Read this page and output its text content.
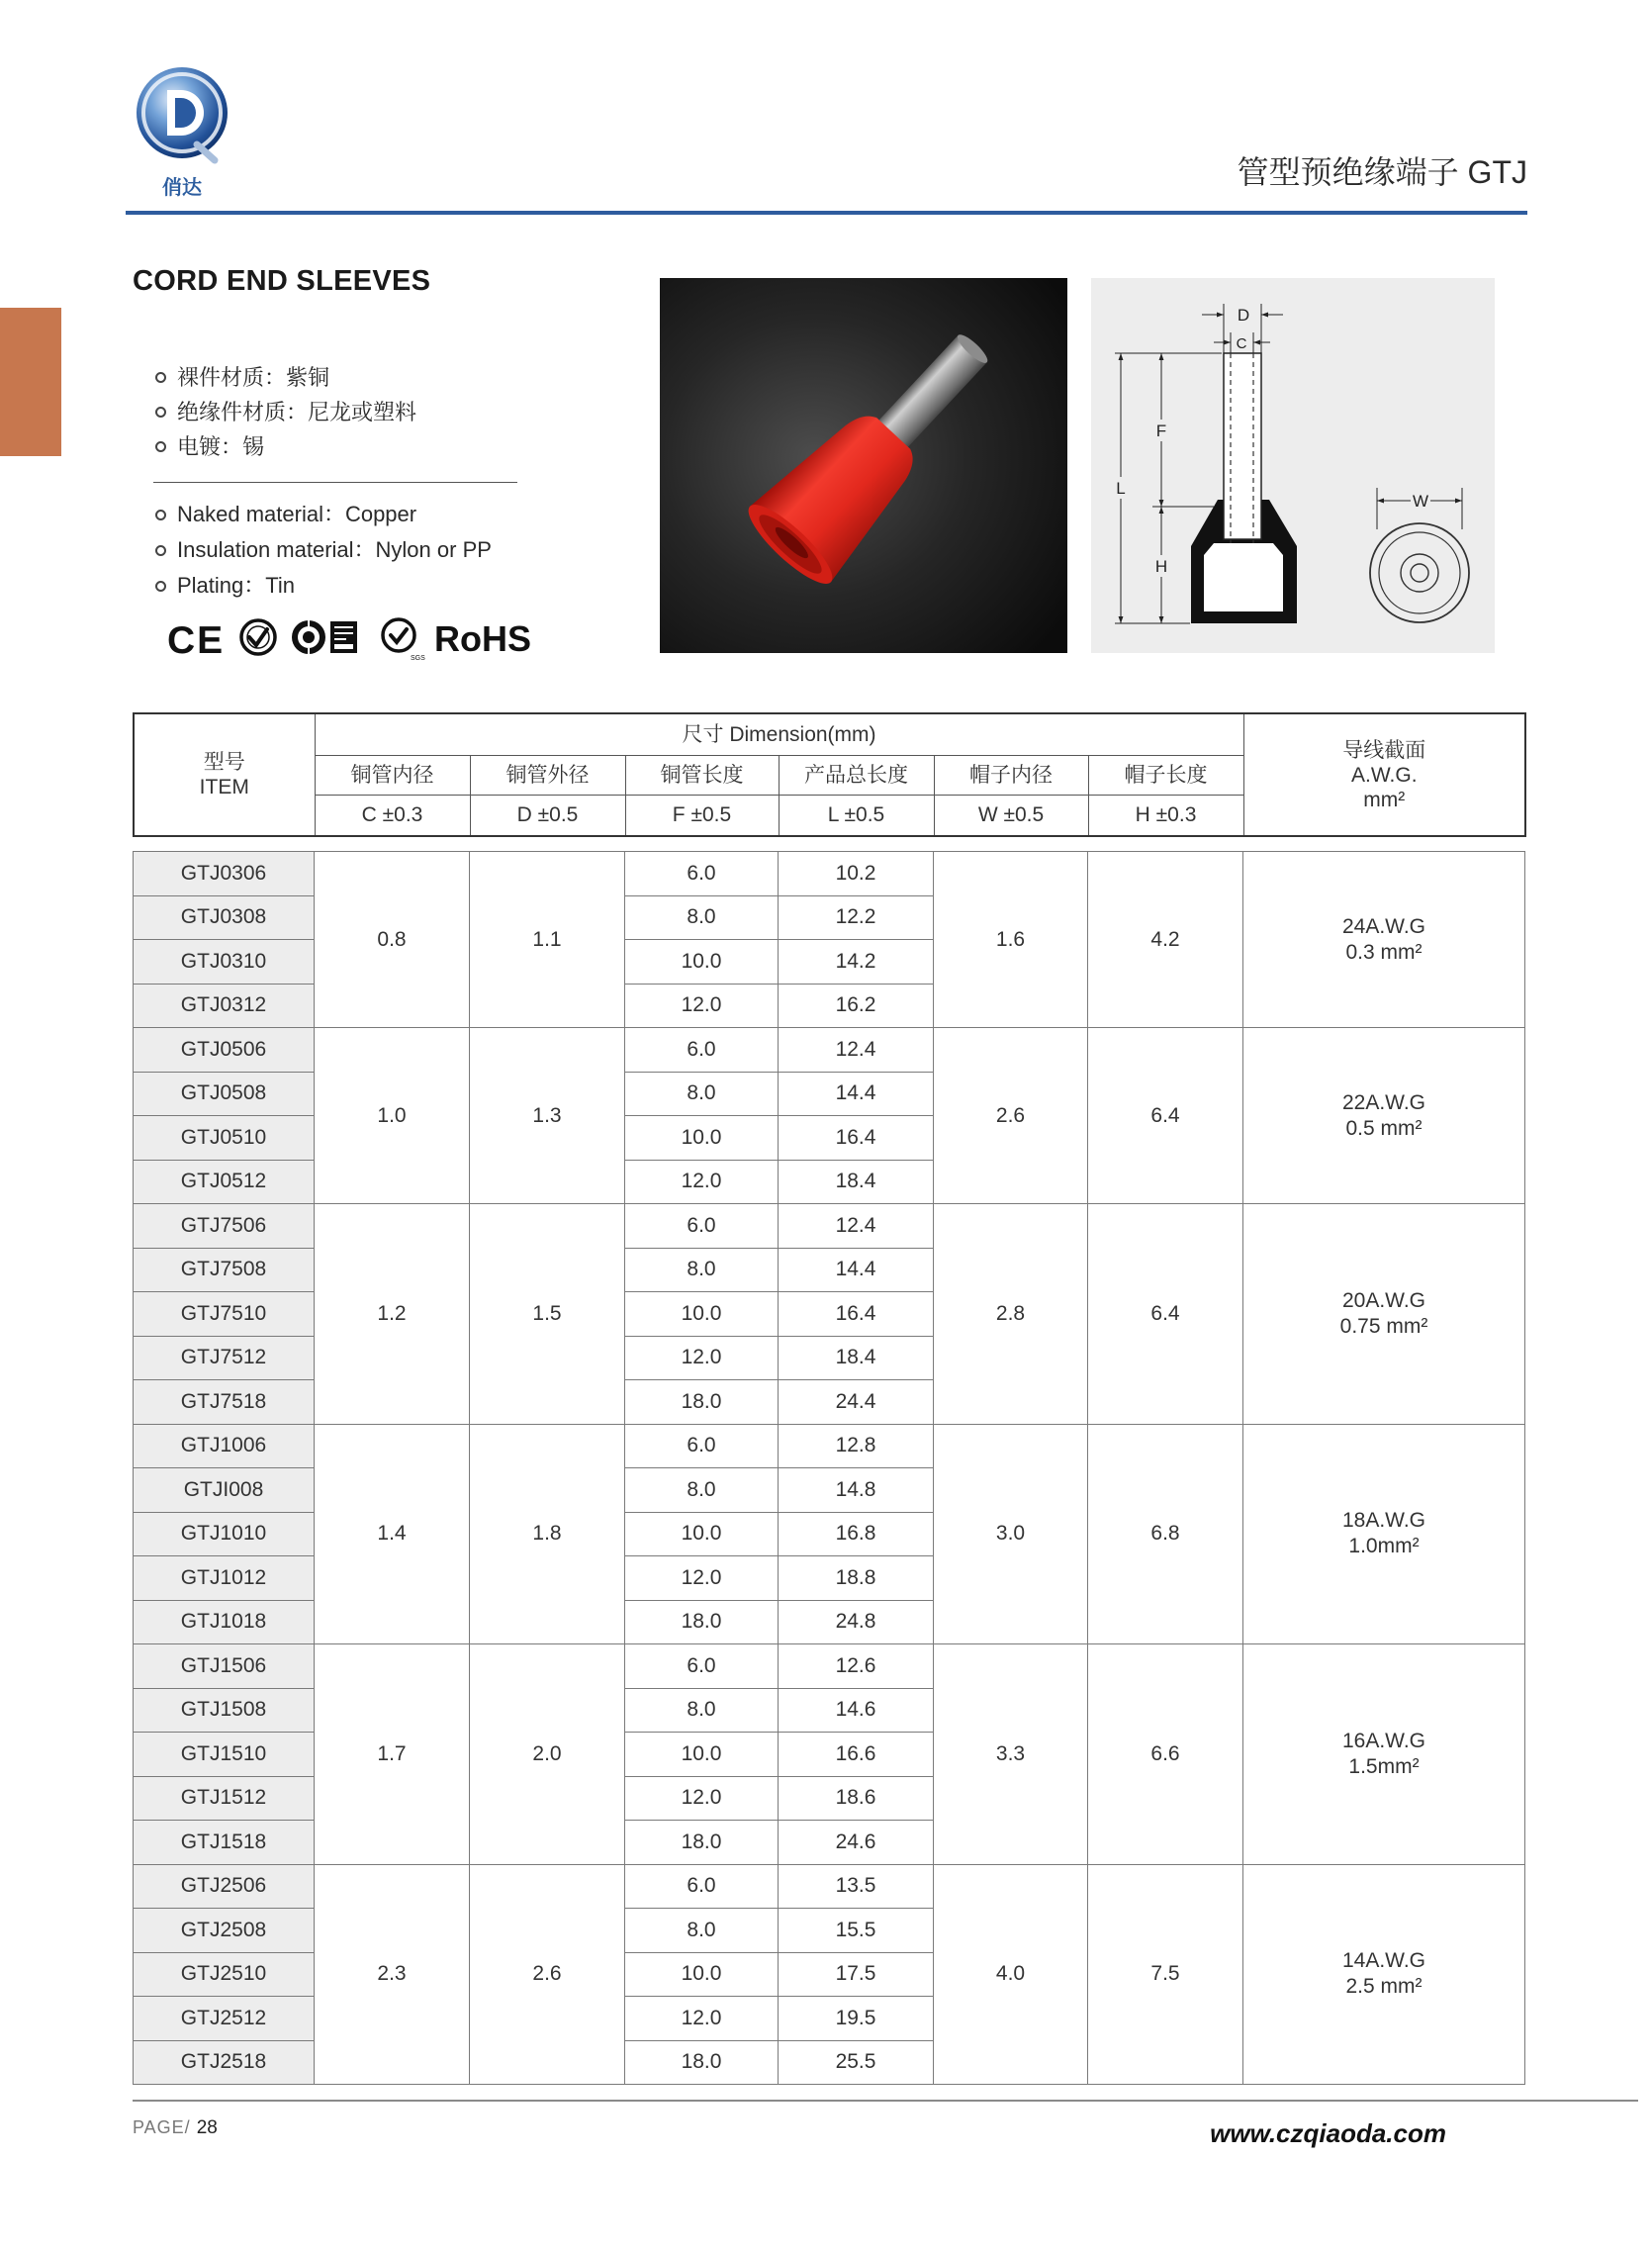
俏达	管型预绝缘端子 GTJ
CORD END SLEEVES
裸件材质：紫铜
绝缘件材质：尼龙或塑料
电镀：锡
Naked material：Copper
Insulation material：Nylon or PP
Plating：Tin
CE	SGS RoHS
D
C
L
F
H
W
型号
ITEM	尺寸 Dimension(mm)						导线截面
A.W.G.
mm²

	铜管内径	铜管外径	铜管长度	产品总长度	帽子内径	帽子长度	
	C ±0.3	D ±0.5	F ±0.5	L ±0.5	W ±0.5	H ±0.3	
GTJ0306	0.8	1.1	6.0	10.2	1.6	4.2	24A.W.G
0.3 mm²

GTJ0308			8.0	12.2			
GTJ0310			10.0	14.2			
GTJ0312			12.0	16.2			
GTJ0506	1.0	1.3	6.0	12.4	2.6	6.4	22A.W.G
0.5 mm²

GTJ0508			8.0	14.4			
GTJ0510			10.0	16.4			
GTJ0512			12.0	18.4			
GTJ7506	1.2	1.5	6.0	12.4	2.8	6.4	20A.W.G
0.75 mm²

GTJ7508			8.0	14.4			
GTJ7510			10.0	16.4			
GTJ7512			12.0	18.4			
GTJ7518			18.0	24.4			
GTJ1006	1.4	1.8	6.0	12.8	3.0	6.8	18A.W.G
1.0mm²

GTJI008			8.0	14.8			
GTJ1010			10.0	16.8			
GTJ1012			12.0	18.8			
GTJ1018			18.0	24.8			
GTJ1506	1.7	2.0	6.0	12.6	3.3	6.6	16A.W.G
1.5mm²

GTJ1508			8.0	14.6			
GTJ1510			10.0	16.6			
GTJ1512			12.0	18.6			
GTJ1518			18.0	24.6			
GTJ2506	2.3	2.6	6.0	13.5	4.0	7.5	14A.W.G
2.5 mm²

GTJ2508			8.0	15.5			
GTJ2510			10.0	17.5			
GTJ2512			12.0	19.5			
GTJ2518			18.0	25.5			
PAGE/ 28	www.czqiaoda.com
